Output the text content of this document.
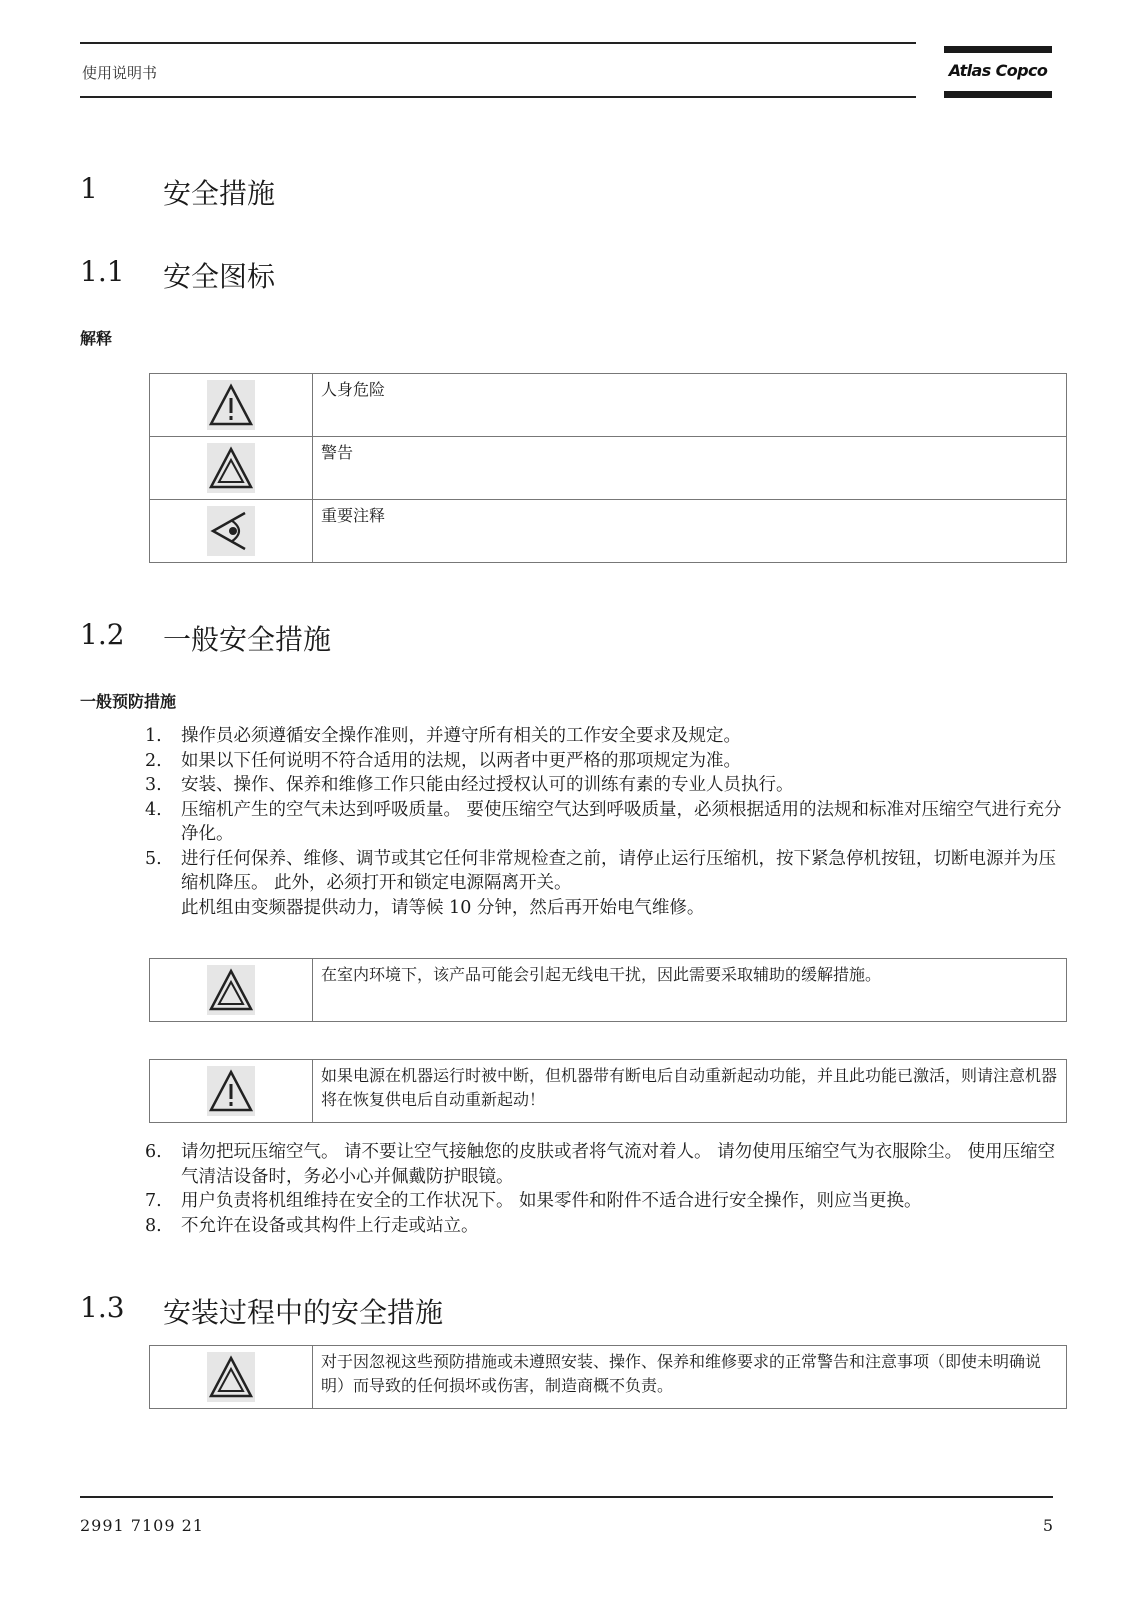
使用说明书	Atlas Copco
1 安全措施
1.1 安全图标
解释
	人身危险

	警告

	重要注释
1.2 一般安全措施
一般预防措施
1. 操作员必须遵循安全操作准则，并遵守所有相关的工作安全要求及规定。
2. 如果以下任何说明不符合适用的法规，以两者中更严格的那项规定为准。
3. 安装、操作、保养和维修工作只能由经过授权认可的训练有素的专业人员执行。
4. 压缩机产生的空气未达到呼吸质量。 要使压缩空气达到呼吸质量，必须根据适用的法规和标准对压缩空气进行充分净化。
5. 进行任何保养、维修、调节或其它任何非常规检查之前，请停止运行压缩机，按下紧急停机按钮，切断电源并为压缩机降压。 此外，必须打开和锁定电源隔离开关。
此机组由变频器提供动力，请等候 10 分钟，然后再开始电气维修。
	在室内环境下，该产品可能会引起无线电干扰，因此需要采取辅助的缓解措施。
	如果电源在机器运行时被中断，但机器带有断电后自动重新起动功能，并且此功能已激活，则请注意机器将在恢复供电后自动重新起动！
6. 请勿把玩压缩空气。 请不要让空气接触您的皮肤或者将气流对着人。 请勿使用压缩空气为衣服除尘。 使用压缩空气清洁设备时，务必小心并佩戴防护眼镜。
7. 用户负责将机组维持在安全的工作状况下。 如果零件和附件不适合进行安全操作，则应当更换。
8. 不允许在设备或其构件上行走或站立。
1.3 安装过程中的安全措施
	对于因忽视这些预防措施或未遵照安装、操作、保养和维修要求的正常警告和注意事项（即使未明确说明）而导致的任何损坏或伤害，制造商概不负责。
2991 7109 21	5
